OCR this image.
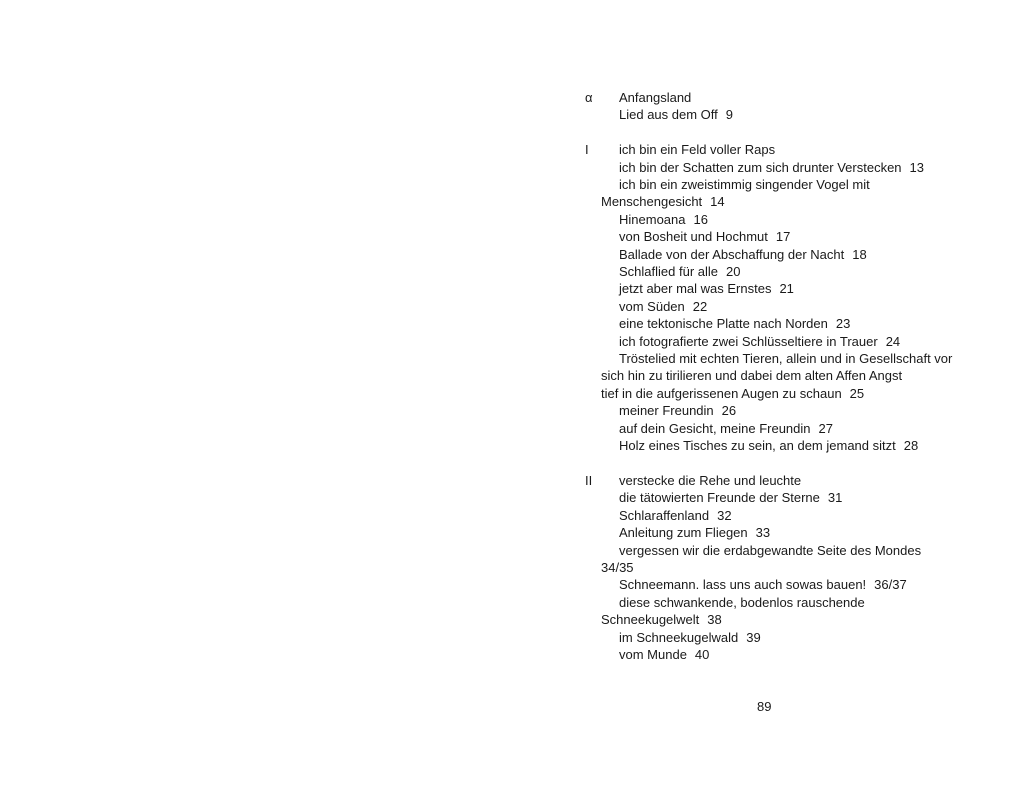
α Anfangsland
Lied aus dem Off 9
I ich bin ein Feld voller Raps
ich bin der Schatten zum sich drunter Verstecken 13
ich bin ein zweistimmig singender Vogel mit
Menschengesicht 14
Hinemoana 16
von Bosheit und Hochmut 17
Ballade von der Abschaffung der Nacht 18
Schlaflied für alle 20
jetzt aber mal was Ernstes 21
vom Süden 22
eine tektonische Platte nach Norden 23
ich fotografierte zwei Schlüsseltiere in Trauer 24
Tröstelied mit echten Tieren, allein und in Gesellschaft vor
sich hin zu tirilieren und dabei dem alten Affen Angst
tief in die aufgerissenen Augen zu schaun 25
meiner Freundin 26
auf dein Gesicht, meine Freundin 27
Holz eines Tisches zu sein, an dem jemand sitzt 28
II verstecke die Rehe und leuchte
die tätowierten Freunde der Sterne 31
Schlaraffenland 32
Anleitung zum Fliegen 33
vergessen wir die erdabgewandte Seite des Mondes
34/35
Schneemann. lass uns auch sowas bauen! 36/37
diese schwankende, bodenlos rauschende
Schneekugelwelt 38
im Schneekugelwald 39
vom Munde 40
89
